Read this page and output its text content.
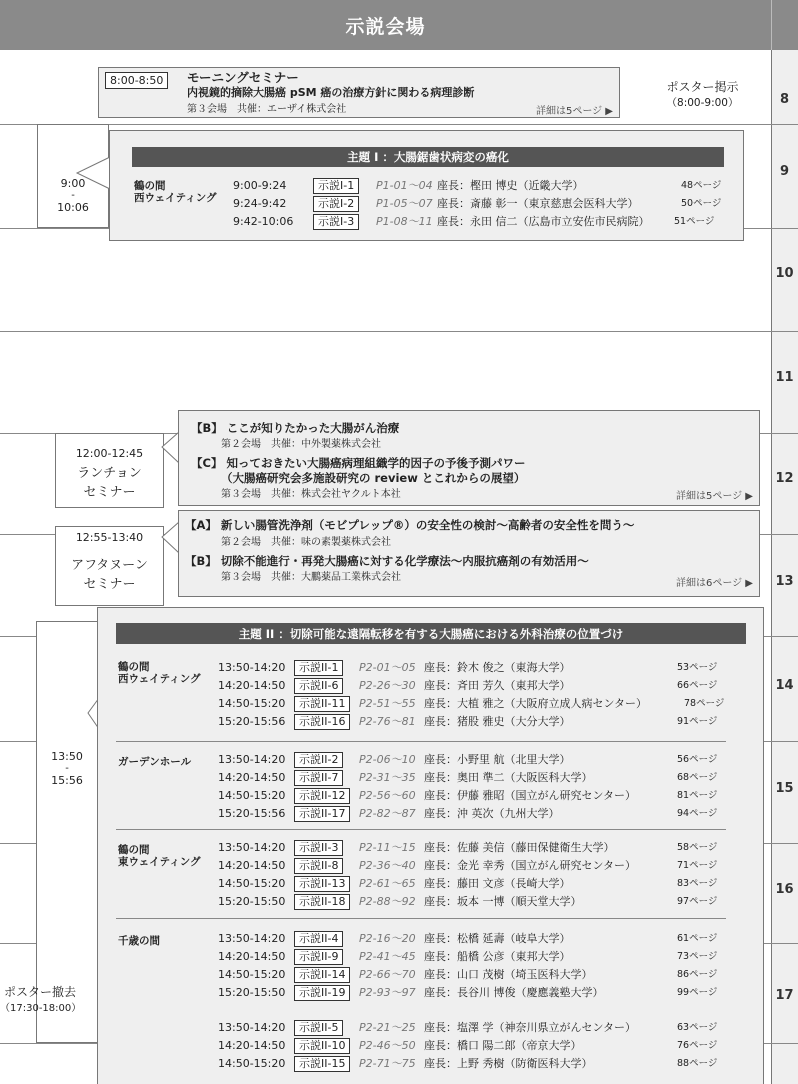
示説会場
8
9
10
11
12
13
14
15
16
17
8:00-8:50	モーニングセミナー
内視鏡的摘除大腸癌 pSM 癌の治療方針に関わる病理診断
第３会場　共催：エーザイ株式会社	詳細は5ページ ▶
ポスター掲示
（8:00-9:00）
9:00
-
10:06
主題 I ：大腸鋸歯状病変の癌化
鶴の間
西ウェイティング
9:00-9:24	示説I-1	P1-01～04 座長：樫田 博史（近畿大学）	48ページ
9:24-9:42	示説I-2	P1-05～07 座長：斎藤 彰一（東京慈恵会医科大学）	50ページ
9:42-10:06	示説I-3	P1-08～11 座長：永田 信二（広島市立安佐市民病院）	51ページ
12:00-12:45
ランチョン
セミナー
【B】 ここが知りたかった大腸がん治療
第２会場　共催：中外製薬株式会社
【C】 知っておきたい大腸癌病理組織学的因子の予後予測パワー
（大腸癌研究会多施設研究の review とこれからの展望）
第３会場　共催：株式会社ヤクルト本社	詳細は5ページ ▶
12:55-13:40
アフタヌーン
セミナー
【A】 新しい腸管洗浄剤（モビプレップ®）の安全性の検討～高齢者の安全性を問う～
第２会場　共催：味の素製薬株式会社
【B】 切除不能進行・再発大腸癌に対する化学療法～内服抗癌剤の有効活用～
第３会場　共催：大鵬薬品工業株式会社
詳細は6ページ ▶
13:50
-
15:56
主題 II ：切除可能な遠隔転移を有する大腸癌における外科治療の位置づけ
鶴の間
西ウェイティング
13:50-14:20	示説II-1	P2-01～05 座長：鈴木 俊之（東海大学）	53ページ
14:20-14:50	示説II-6	P2-26～30 座長：斉田 芳久（東邦大学）	66ページ
14:50-15:20	示説II-11	P2-51～55 座長：大植 雅之（大阪府立成人病センター）	78ページ
15:20-15:56	示説II-16	P2-76～81 座長：猪股 雅史（大分大学）	91ページ
ガーデンホール 13:50-14:20	示説II-2	P2-06～10 座長：小野里 航（北里大学）	56ページ
14:20-14:50	示説II-7	P2-31～35 座長：奥田 準二（大阪医科大学）	68ページ
14:50-15:20	示説II-12	P2-56～60 座長：伊藤 雅昭（国立がん研究センター）	81ページ
15:20-15:56	示説II-17	P2-82～87 座長：沖 英次（九州大学）	94ページ
鶴の間
東ウェイティング
13:50-14:20	示説II-3	P2-11～15 座長：佐藤 美信（藤田保健衛生大学）	58ページ
14:20-14:50	示説II-8	P2-36～40 座長：金光 幸秀（国立がん研究センター）	71ページ
14:50-15:20	示説II-13	P2-61～65 座長：藤田 文彦（長崎大学）	83ページ
15:20-15:50	示説II-18	P2-88～92 座長：坂本 一博（順天堂大学）	97ページ
千歳の間	13:50-14:20	示説II-4	P2-16～20 座長：松橋 延壽（岐阜大学）	61ページ
14:20-14:50	示説II-9	P2-41～45 座長：船橋 公彦（東邦大学）	73ページ
14:50-15:20	示説II-14	P2-66～70 座長：山口 茂樹（埼玉医科大学）	86ページ
15:20-15:50	示説II-19	P2-93～97 座長：長谷川 博俊（慶應義塾大学）	99ページ
13:50-14:20	示説II-5	P2-21～25 座長：塩澤 学（神奈川県立がんセンター）	63ページ
14:20-14:50	示説II-10	P2-46～50 座長：橋口 陽二郎（帝京大学）	76ページ
14:50-15:20	示説II-15	P2-71～75 座長：上野 秀樹（防衛医科大学）	88ページ
ポスター撤去
（17:30-18:00）
